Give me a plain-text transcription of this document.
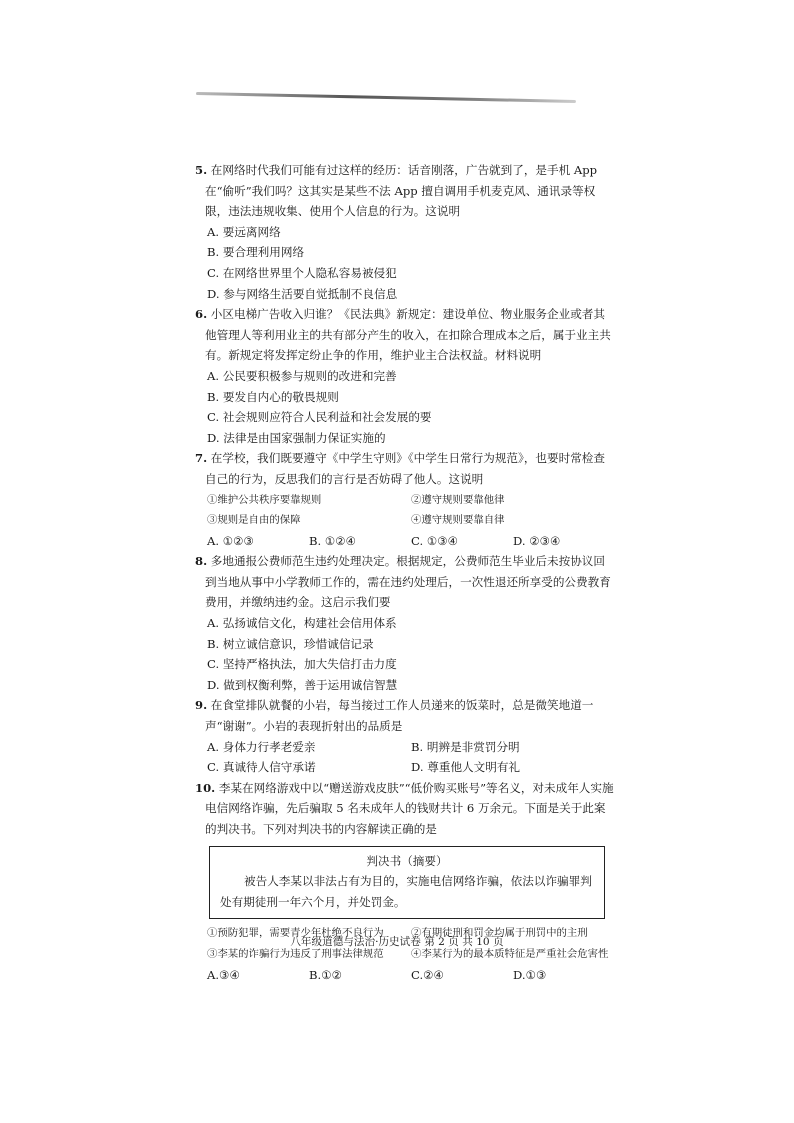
5. 在网络时代我们可能有过这样的经历：话音刚落，广告就到了，是手机 App 在“偷听”我们吗？这其实是某些不法 App 擅自调用手机麦克风、通讯录等权限，违法违规收集、使用个人信息的行为。这说明
A. 要远离网络
B. 要合理利用网络
C. 在网络世界里个人隐私容易被侵犯
D. 参与网络生活要自觉抵制不良信息
6. 小区电梯广告收入归谁？《民法典》新规定：建设单位、物业服务企业或者其他管理人等利用业主的共有部分产生的收入，在扣除合理成本之后，属于业主共有。新规定将发挥定纷止争的作用，维护业主合法权益。材料说明
A. 公民要积极参与规则的改进和完善
B. 要发自内心的敬畏规则
C. 社会规则应符合人民利益和社会发展的要
D. 法律是由国家强制力保证实施的
7. 在学校，我们既要遵守《中学生守则》《中学生日常行为规范》，也要时常检查自己的行为，反思我们的言行是否妨碍了他人。这说明
①维护公共秩序要靠规则	②遵守规则要靠他律
③规则是自由的保障	④遵守规则要靠自律
A. ①②③	B. ①②④	C. ①③④	D. ②③④
8. 多地通报公费师范生违约处理决定。根据规定，公费师范生毕业后未按协议回到当地从事中小学教师工作的，需在违约处理后，一次性退还所享受的公费教育费用，并缴纳违约金。这启示我们要
A. 弘扬诚信文化，构建社会信用体系
B. 树立诚信意识，珍惜诚信记录
C. 坚持严格执法，加大失信打击力度
D. 做到权衡利弊，善于运用诚信智慧
9. 在食堂排队就餐的小岩，每当接过工作人员递来的饭菜时，总是微笑地道一声“谢谢”。小岩的表现折射出的品质是
A. 身体力行孝老爱亲	B. 明辨是非赏罚分明
C. 真诚待人信守承诺	D. 尊重他人文明有礼
10. 李某在网络游戏中以“赠送游戏皮肤”“低价购买账号”等名义，对未成年人实施电信网络诈骗，先后骗取 5 名未成年人的钱财共计 6 万余元。下面是关于此案的判决书。下列对判决书的内容解读正确的是
判决书（摘要）
被告人李某以非法占有为目的，实施电信网络诈骗，依法以诈骗罪判处有期徒刑一年六个月，并处罚金。
①预防犯罪，需要青少年杜绝不良行为	②有期徒刑和罚金均属于刑罚中的主刑
③李某的诈骗行为违反了刑事法律规范	④李某行为的最本质特征是严重社会危害性
A.③④	B.①②	C.②④	D.①③
八年级道德与法治·历史试卷 第 2 页 共 10 页
